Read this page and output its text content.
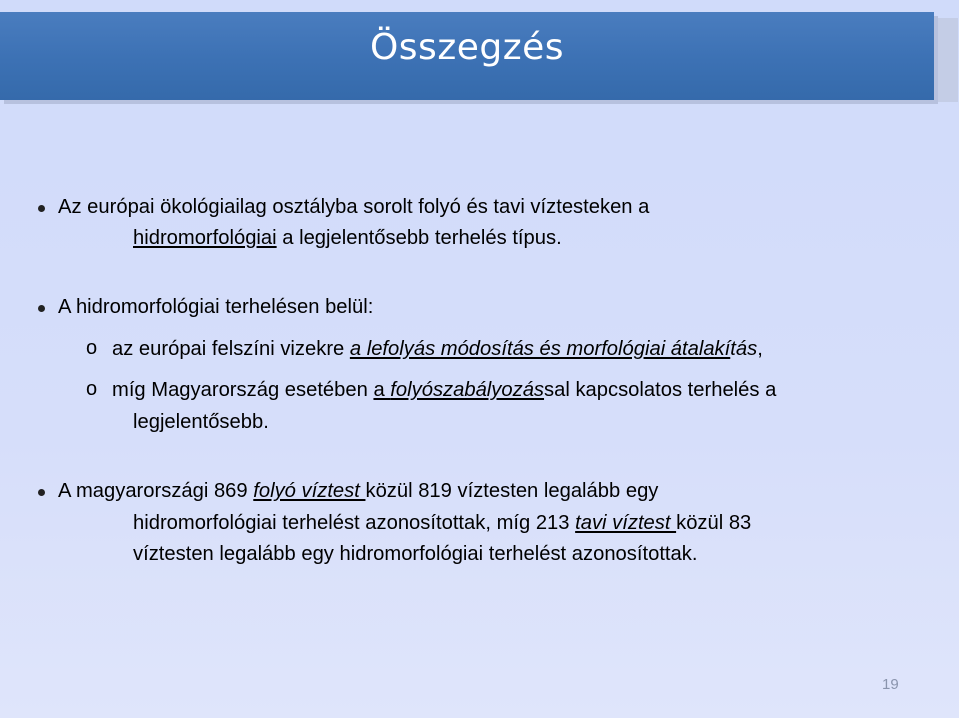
Összegzés
Az európai ökológiailag osztályba sorolt folyó és tavi víztesteken a
hidromorfológiai a legjelentősebb terhelés típus.
A hidromorfológiai terhelésen belül:
o az európai felszíni vizekre a lefolyás módosítás és morfológiai átalakítás,
o míg Magyarország esetében a folyószabályozással kapcsolatos terhelés a
legjelentősebb.
A magyarországi 869 folyó víztest közül 819 víztesten legalább egy
hidromorfológiai terhelést azonosítottak, míg 213 tavi víztest közül 83
víztesten legalább egy hidromorfológiai terhelést azonosítottak.
19
